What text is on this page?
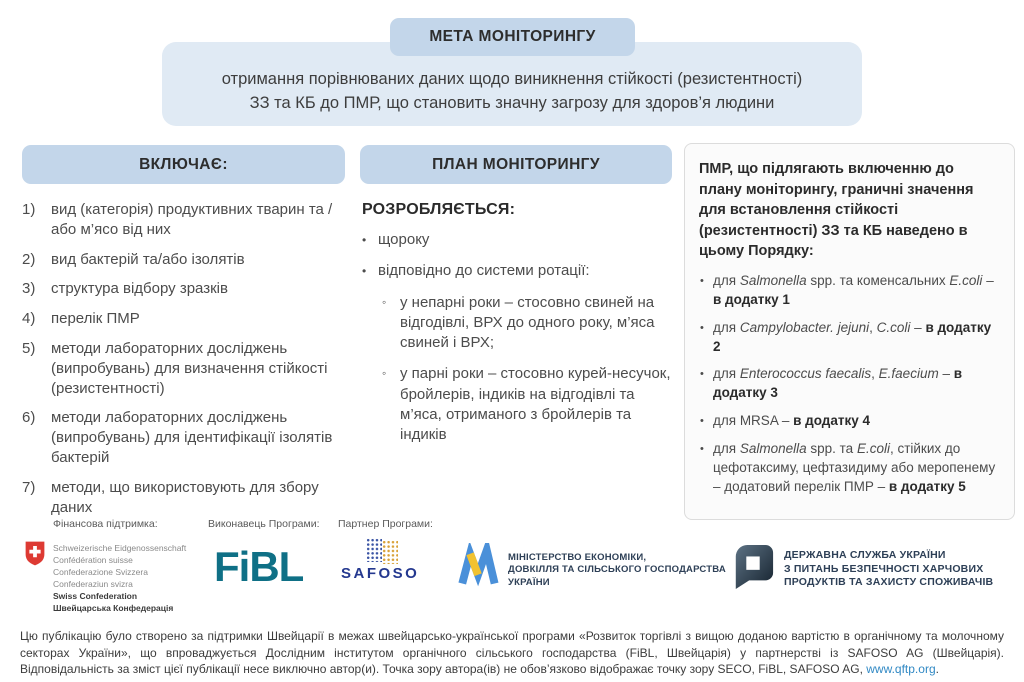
МЕТА МОНІТОРИНГУ
отримання порівнюваних даних щодо виникнення стійкості (резистентності)
ЗЗ та КБ до ПМР, що становить значну загрозу для здоров’я людини
ВКЛЮЧАЄ:
1)	вид (категорія) продуктивних тварин та / або м’ясо від них
2)	вид бактерій та/або ізолятів
3)	структура відбору зразків
4)	перелік ПМР
5)	методи лабораторних досліджень (випробувань) для визначення стійкості (резистентності)
6)	методи лабораторних досліджень (випробувань) для ідентифікації ізолятів бактерій
7)	методи, що використовують для збору даних
ПЛАН МОНІТОРИНГУ
РОЗРОБЛЯЄТЬСЯ:
• щороку
• відповідно до системи ротації:
◦ у непарні роки – стосовно свиней на відгодівлі, ВРХ до одного року, м’яса свиней і ВРХ;
◦ у парні роки – стосовно курей-несучок, бройлерів, індиків на відгодівлі та м’яса, отриманого з бройлерів та індиків
ПМР, що підлягають включенню до плану моніторингу, граничні значення для встановлення стійкості (резистентності) ЗЗ та КБ наведено в цьому Порядку:
• для Salmonella spp. та коменсальних E.coli – в додатку 1
• для Campylobacter. jejuni, C.coli – в додатку 2
• для Enterococcus faecalis, E.faecium – в додатку 3
• для MRSA – в додатку 4
• для Salmonella spp. та E.coli, стійких до цефотаксиму, цефтазидиму або меропенему – додатовий перелік ПМР – в додатку 5
Фінансова підтримка:	Виконавець Програми: Партнер Програми:
Schweizerische Eidgenossenschaft
Confédération suisse
Confederazione Svizzera
Confederaziun svizra
Swiss Confederation
Швейцарська Конфедерація
FiBL	SAFOSO
МІНІСТЕРСТВО ЕКОНОМІКИ,
ДОВКІЛЛЯ ТА СІЛЬСЬКОГО ГОСПОДАРСТВА
УКРАЇНИ
ДЕРЖАВНА СЛУЖБА УКРАЇНИ
З ПИТАНЬ БЕЗПЕЧНОСТІ ХАРЧОВИХ
ПРОДУКТІВ ТА ЗАХИСТУ СПОЖИВАЧІВ
Цю публікацію було створено за підтримки Швейцарії в межах швейцарсько-української програми «Розвиток торгівлі з вищою доданою вартістю в органічному та молочному секторах України», що впроваджується Дослідним інститутом органічного сільського господарства (FiBL, Швейцарія) у партнерстві із SAFOSO AG (Швейцарія). Відповідальність за зміст цієї публікації несе виключно автор(и). Точка зору автора(ів) не обов’язково відображає точку зору SECO, FiBL, SAFOSO AG, www.qftp.org.
